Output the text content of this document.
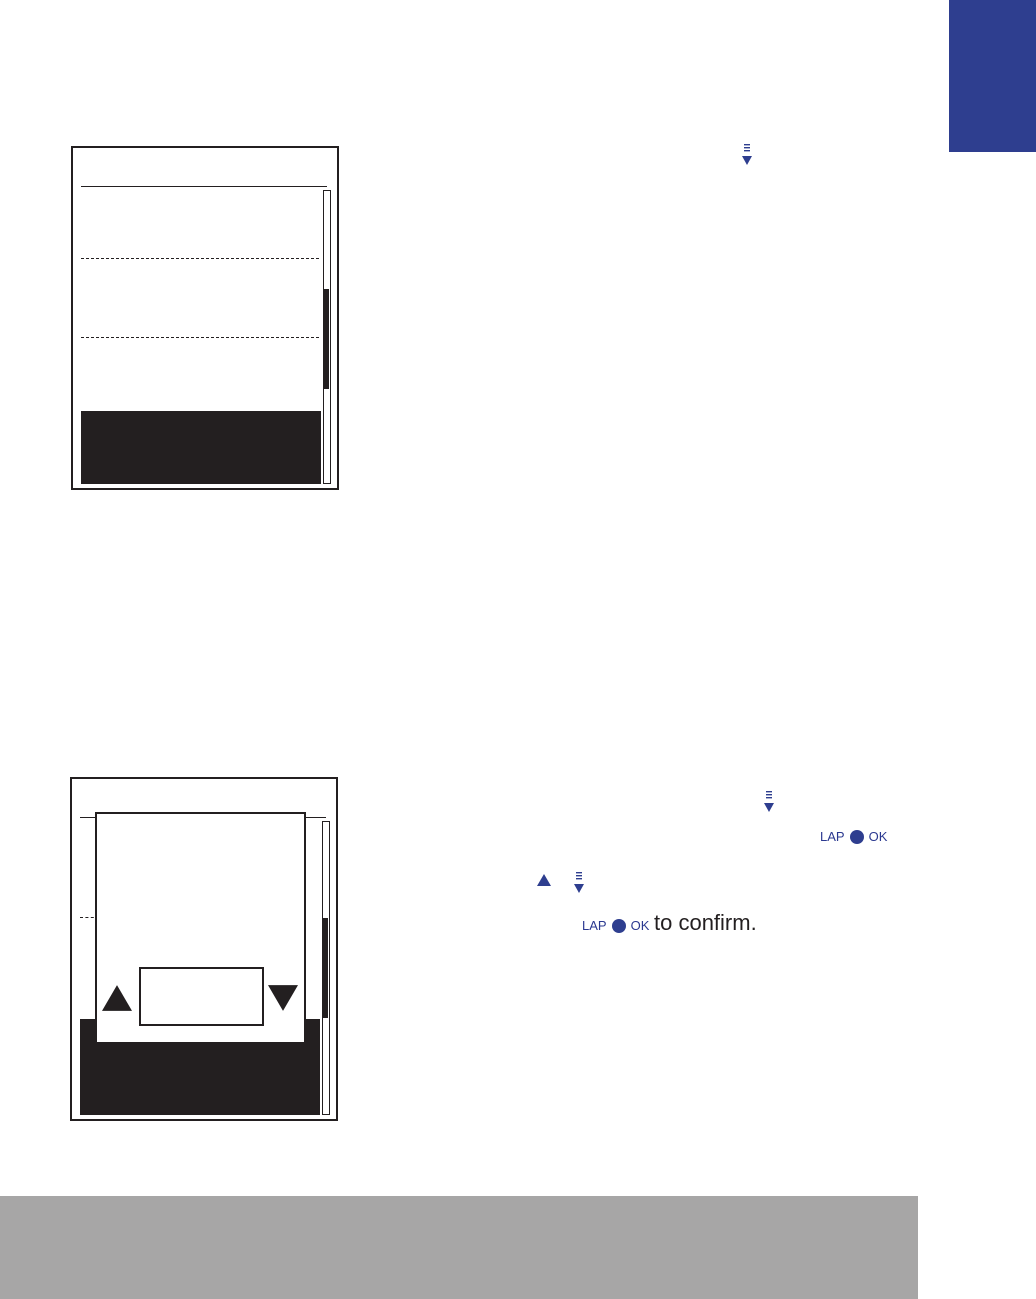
LAP OK
LAP OK to confirm.
